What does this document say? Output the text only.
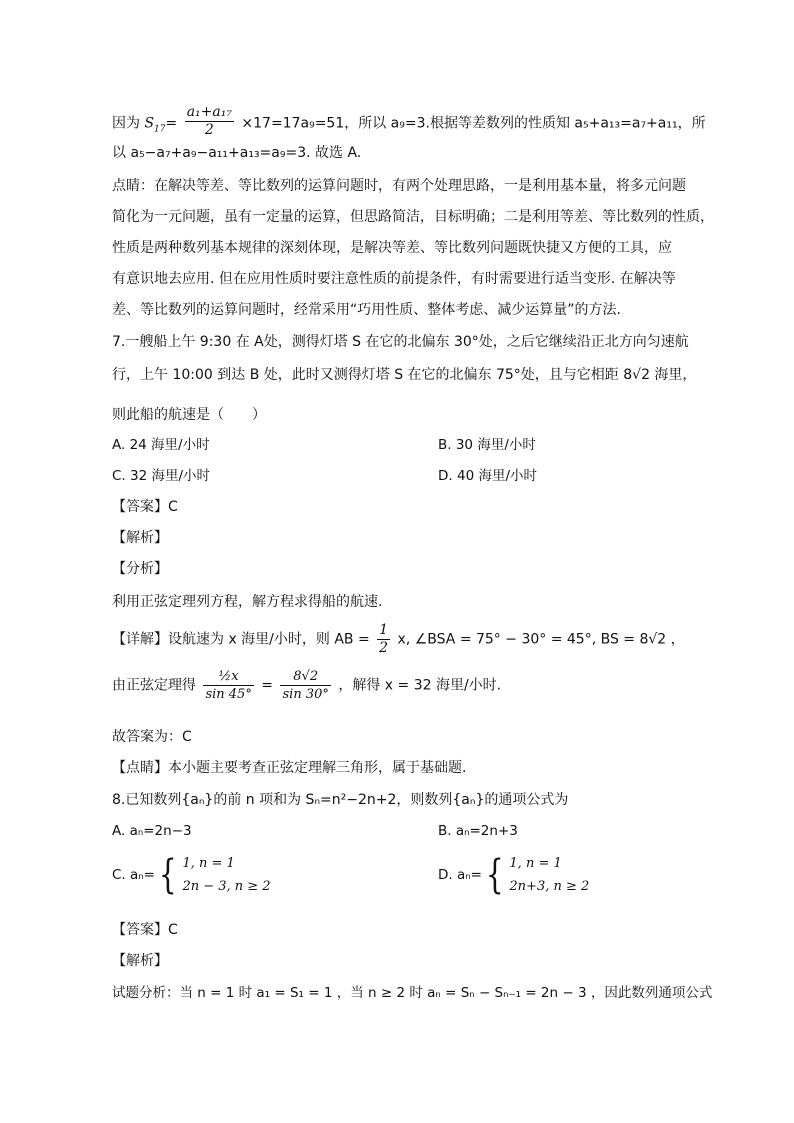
因为 $S_{17}= \frac{\text{a₁+a₁₇}}{2} \times 17=17a_9=51$，所以 a₉=3.根据等差数列的性质知 a₅+a₁₃=a₇+a₁₁，所
以 a₅−a₇+a₉−a₁₁+a₁₃=a₉=3. 故选 A.
点睛：在解决等差、等比数列的运算问题时，有两个处理思路，一是利用基本量，将多元问题
简化为一元问题，虽有一定量的运算，但思路简洁，目标明确；二是利用等差、等比数列的性质，
性质是两种数列基本规律的深刻体现，是解决等差、等比数列问题既快捷又方便的工具，应
有意识地去应用. 但在应用性质时要注意性质的前提条件，有时需要进行适当变形. 在解决等
差、等比数列的运算问题时，经常采用“巧用性质、整体考虑、减少运算量”的方法.
7.一艘船上午 9:30 在 A处，测得灯塔 S 在它的北偏东 30°处，之后它继续沿正北方向匀速航
行，上午 10:00 到达 B 处，此时又测得灯塔 S 在它的北偏东 75°处，且与它相距 8√2 海里，
则此船的航速是（　　）
A. 24 海里/小时	B. 30 海里/小时
C. 32 海里/小时	D. 40 海里/小时
【答案】C
【解析】
【分析】
利用正弦定理列方程，解方程求得船的航速.
【详解】设航速为 x 海里/小时，则 AB = $\frac{1}{2} x$, ∠BSA = 75° − 30° = 45°, BS = 8√2 ，
由正弦定理得 $\frac{\text{½x}}{\sin 45^\circ} = \frac{8√2}{\sin 30^\circ}$ ，解得 x = 32 海里/小时.
故答案为：C
【点睛】本小题主要考查正弦定理解三角形，属于基础题.
8.已知数列{aₙ}的前 n 项和为 Sₙ=n²−2n+2，则数列{aₙ}的通项公式为
A. aₙ=2n−3	B. aₙ=2n+3
C. aₙ={ 1, n = 1
2n − 3, n ≥ 2
D. aₙ={ 1, n = 1
2n+3, n ≥ 2
【答案】C
【解析】
试题分析：当 n = 1 时 a₁ = S₁ = 1 ，当 n ≥ 2 时 aₙ = Sₙ − Sₙ₋₁ = 2n − 3 ，因此数列通项公式
